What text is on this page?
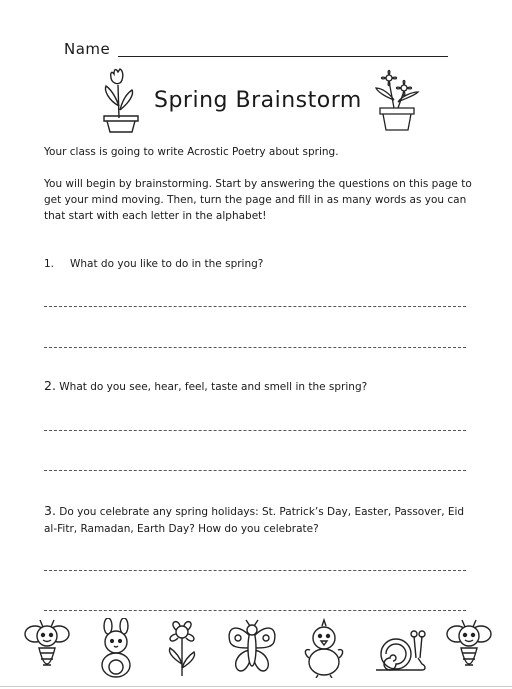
Name
Spring Brainstorm
Your class is going to write Acrostic Poetry about spring.
You will begin by brainstorming. Start by answering the questions on this page to get your mind moving. Then, turn the page and fill in as many words as you can that start with each letter in the alphabet!
1. What do you like to do in the spring?
2. What do you see, hear, feel, taste and smell in the spring?
3. Do you celebrate any spring holidays: St. Patrick’s Day, Easter, Passover, Eid al-Fitr, Ramadan, Earth Day? How do you celebrate?
